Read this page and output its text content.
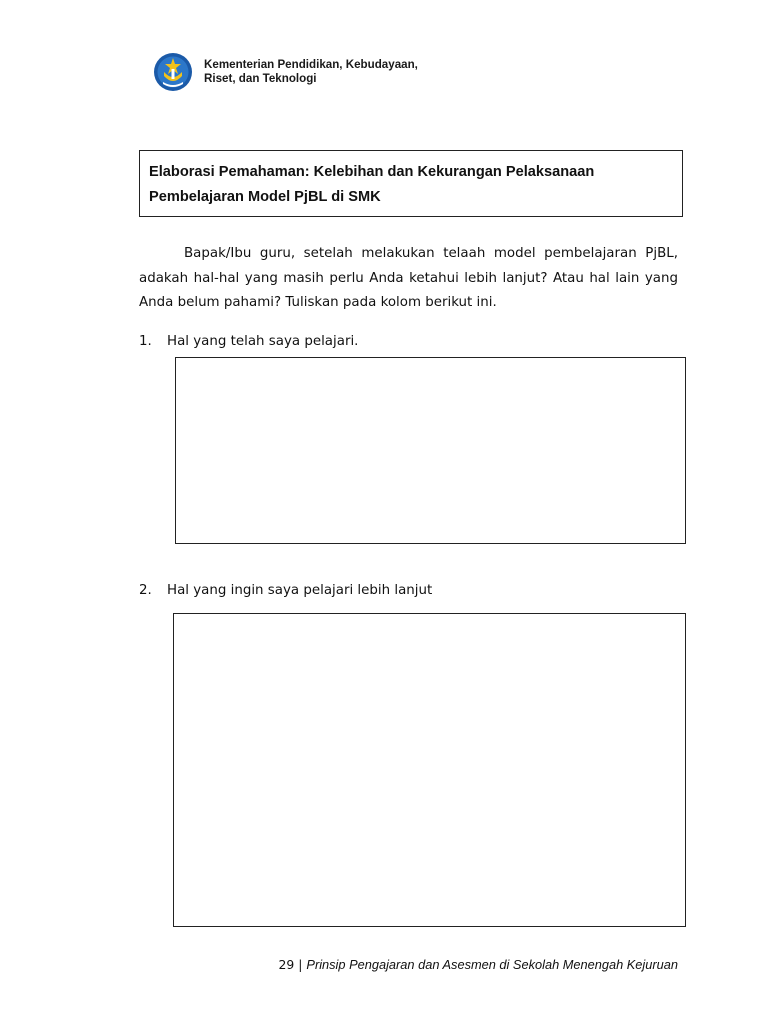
Kementerian Pendidikan, Kebudayaan,
Riset, dan Teknologi
Elaborasi Pemahaman: Kelebihan dan Kekurangan Pelaksanaan
Pembelajaran Model PjBL di SMK

Bapak/Ibu guru, setelah melakukan telaah model pembelajaran PjBL, adakah hal-hal yang masih perlu Anda ketahui lebih lanjut? Atau hal lain yang Anda belum pahami? Tuliskan pada kolom berikut ini.

1.	Hal yang telah saya pelajari.
2.	Hal yang ingin saya pelajari lebih lanjut
29 | Prinsip Pengajaran dan Asesmen di Sekolah Menengah Kejuruan
